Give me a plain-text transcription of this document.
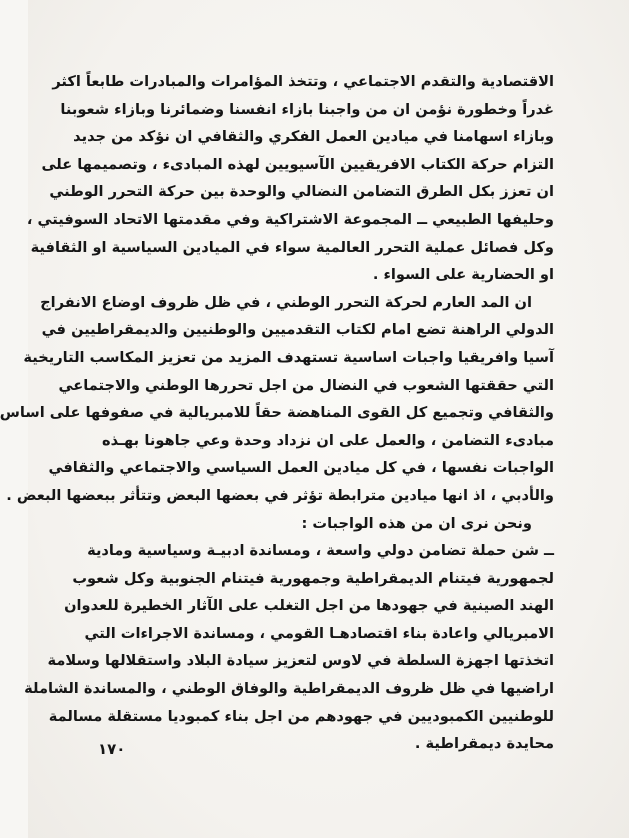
الاقتصادية والتقدم الاجتماعي ، وتتخذ المؤامرات والمبادرات طابعاً اكثر
غدراً وخطورة نؤمن ان من واجبنا بازاء انفسنا وضمائرنا وبازاء شعوبنا
وبازاء اسهامنا في ميادين العمل الفكري والثقافي ان نؤكد من جديد
التزام حركة الكتاب الافريقيين الآسيويين لهذه المبادىء ، وتصميمها على
ان تعزز بكل الطرق التضامن النضالي والوحدة بين حركة التحرر الوطني
وحليفها الطبيعي ــ المجموعة الاشتراكية وفي مقدمتها الاتحاد السوفيتي ،
وكل فصائل عملية التحرر العالمية سواء في الميادين السياسية او الثقافية
او الحضارية على السواء .
ان المد العارم لحركة التحرر الوطني ، في ظل ظروف اوضاع الانفراج
الدولي الراهنة تضع امام لكتاب التقدميين والوطنيين والديمقراطيين في
آسيا وافريقيا واجبات اساسية تستهدف المزيد من تعزيز المكاسب التاريخية
التي حققتها الشعوب في النضال من اجل تحررها الوطني والاجتماعي
والثقافي وتجميع كل القوى المناهضة حقاً للامبريالية في صفوفها على اساس
مبادىء التضامن ، والعمل على ان نزداد وحدة وعي جاهونا بهـذه
الواجبات نفسها ، في كل ميادين العمل السياسي والاجتماعي والثقافي
والأدبي ، اذ انها ميادين مترابطة تؤثر في بعضها البعض وتتأثر ببعضها البعض .
ونحن نرى ان من هذه الواجبات :
ــ شن حملة تضامن دولي واسعة ، ومساندة ادبيـة وسياسية ومادية
لجمهورية فيتنام الديمقراطية وجمهورية فيتنام الجنوبية وكل شعوب
الهند الصينية في جهودها من اجل التغلب على الآثار الخطيرة للعدوان
الامبريالي واعادة بناء اقتصادهـا القومي ، ومساندة الاجراءات التي
اتخذتها اجهزة السلطة في لاوس لتعزيز سيادة البلاد واستقلالها وسلامة
اراضيها في ظل ظروف الديمقراطية والوفاق الوطني ، والمساندة الشاملة
للوطنيين الكمبوديين في جهودهم من اجل بناء كمبوديا مستقلة مسالمة
محايدة ديمقراطية .
١٧٠
